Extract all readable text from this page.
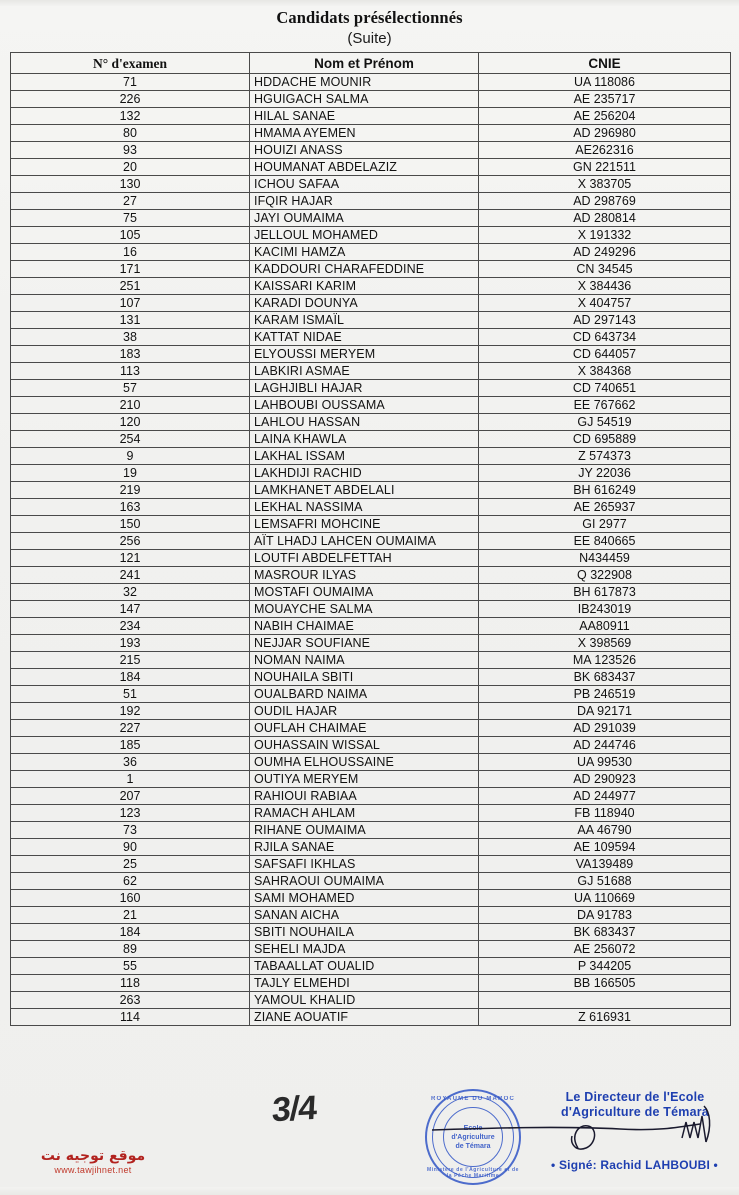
Candidats présélectionnés
(Suite)
N° d'examen	Nom et Prénom	CNIE
71	HDDACHE MOUNIR	UA 118086
226	HGUIGACH SALMA	AE 235717
132	HILAL SANAE	AE 256204
80	HMAMA AYEMEN	AD 296980
93	HOUIZI ANASS	AE262316
20	HOUMANAT ABDELAZIZ	GN 221511
130	ICHOU SAFAA	X 383705
27	IFQIR HAJAR	AD 298769
75	JAYI OUMAIMA	AD 280814
105	JELLOUL MOHAMED	X 191332
16	KACIMI HAMZA	AD 249296
171	KADDOURI CHARAFEDDINE	CN 34545
251	KAISSARI KARIM	X 384436
107	KARADI DOUNYA	X 404757
131	KARAM ISMAÏL	AD 297143
38	KATTAT NIDAE	CD 643734
183	ELYOUSSI MERYEM	CD 644057
113	LABKIRI ASMAE	X 384368
57	LAGHJIBLI HAJAR	CD 740651
210	LAHBOUBI OUSSAMA	EE 767662
120	LAHLOU HASSAN	GJ 54519
254	LAINA KHAWLA	CD 695889
9	LAKHAL ISSAM	Z 574373
19	LAKHDIJI RACHID	JY 22036
219	LAMKHANET ABDELALI	BH 616249
163	LEKHAL NASSIMA	AE 265937
150	LEMSAFRI MOHCINE	GI 2977
256	AÏT LHADJ LAHCEN OUMAIMA	EE 840665
121	LOUTFI ABDELFETTAH	N434459
241	MASROUR ILYAS	Q 322908
32	MOSTAFI OUMAIMA	BH 617873
147	MOUAYCHE SALMA	IB243019
234	NABIH CHAIMAE	AA80911
193	NEJJAR SOUFIANE	X 398569
215	NOMAN NAIMA	MA 123526
184	NOUHAILA SBITI	BK 683437
51	OUALBARD NAIMA	PB 246519
192	OUDIL HAJAR	DA 92171
227	OUFLAH CHAIMAE	AD 291039
185	OUHASSAIN WISSAL	AD 244746
36	OUMHA ELHOUSSAINE	UA 99530
1	OUTIYA MERYEM	AD 290923
207	RAHIOUI RABIAA	AD 244977
123	RAMACH AHLAM	FB 118940
73	RIHANE OUMAIMA	AA 46790
90	RJILA SANAE	AE 109594
25	SAFSAFI IKHLAS	VA139489
62	SAHRAOUI OUMAIMA	GJ 51688
160	SAMI MOHAMED	UA 110669
21	SANAN AICHA	DA 91783
184	SBITI NOUHAILA	BK 683437
89	SEHELI MAJDA	AE 256072
55	TABAALLAT OUALID	P 344205
118	TAJLY ELMEHDI	BB 166505
263	YAMOUL KHALID	
114	ZIANE AOUATIF	Z 616931
3/4	ROYAUME DU MAROC
Ecole
d'Agriculture
de Témara
Ministère de l'Agriculture et de la Pêche Maritime
Le Directeur de l'Ecole
d'Agriculture de Témara
• Signé: Rachid LAHBOUBI •
موقع توجيه نت
www.tawjihnet.net
